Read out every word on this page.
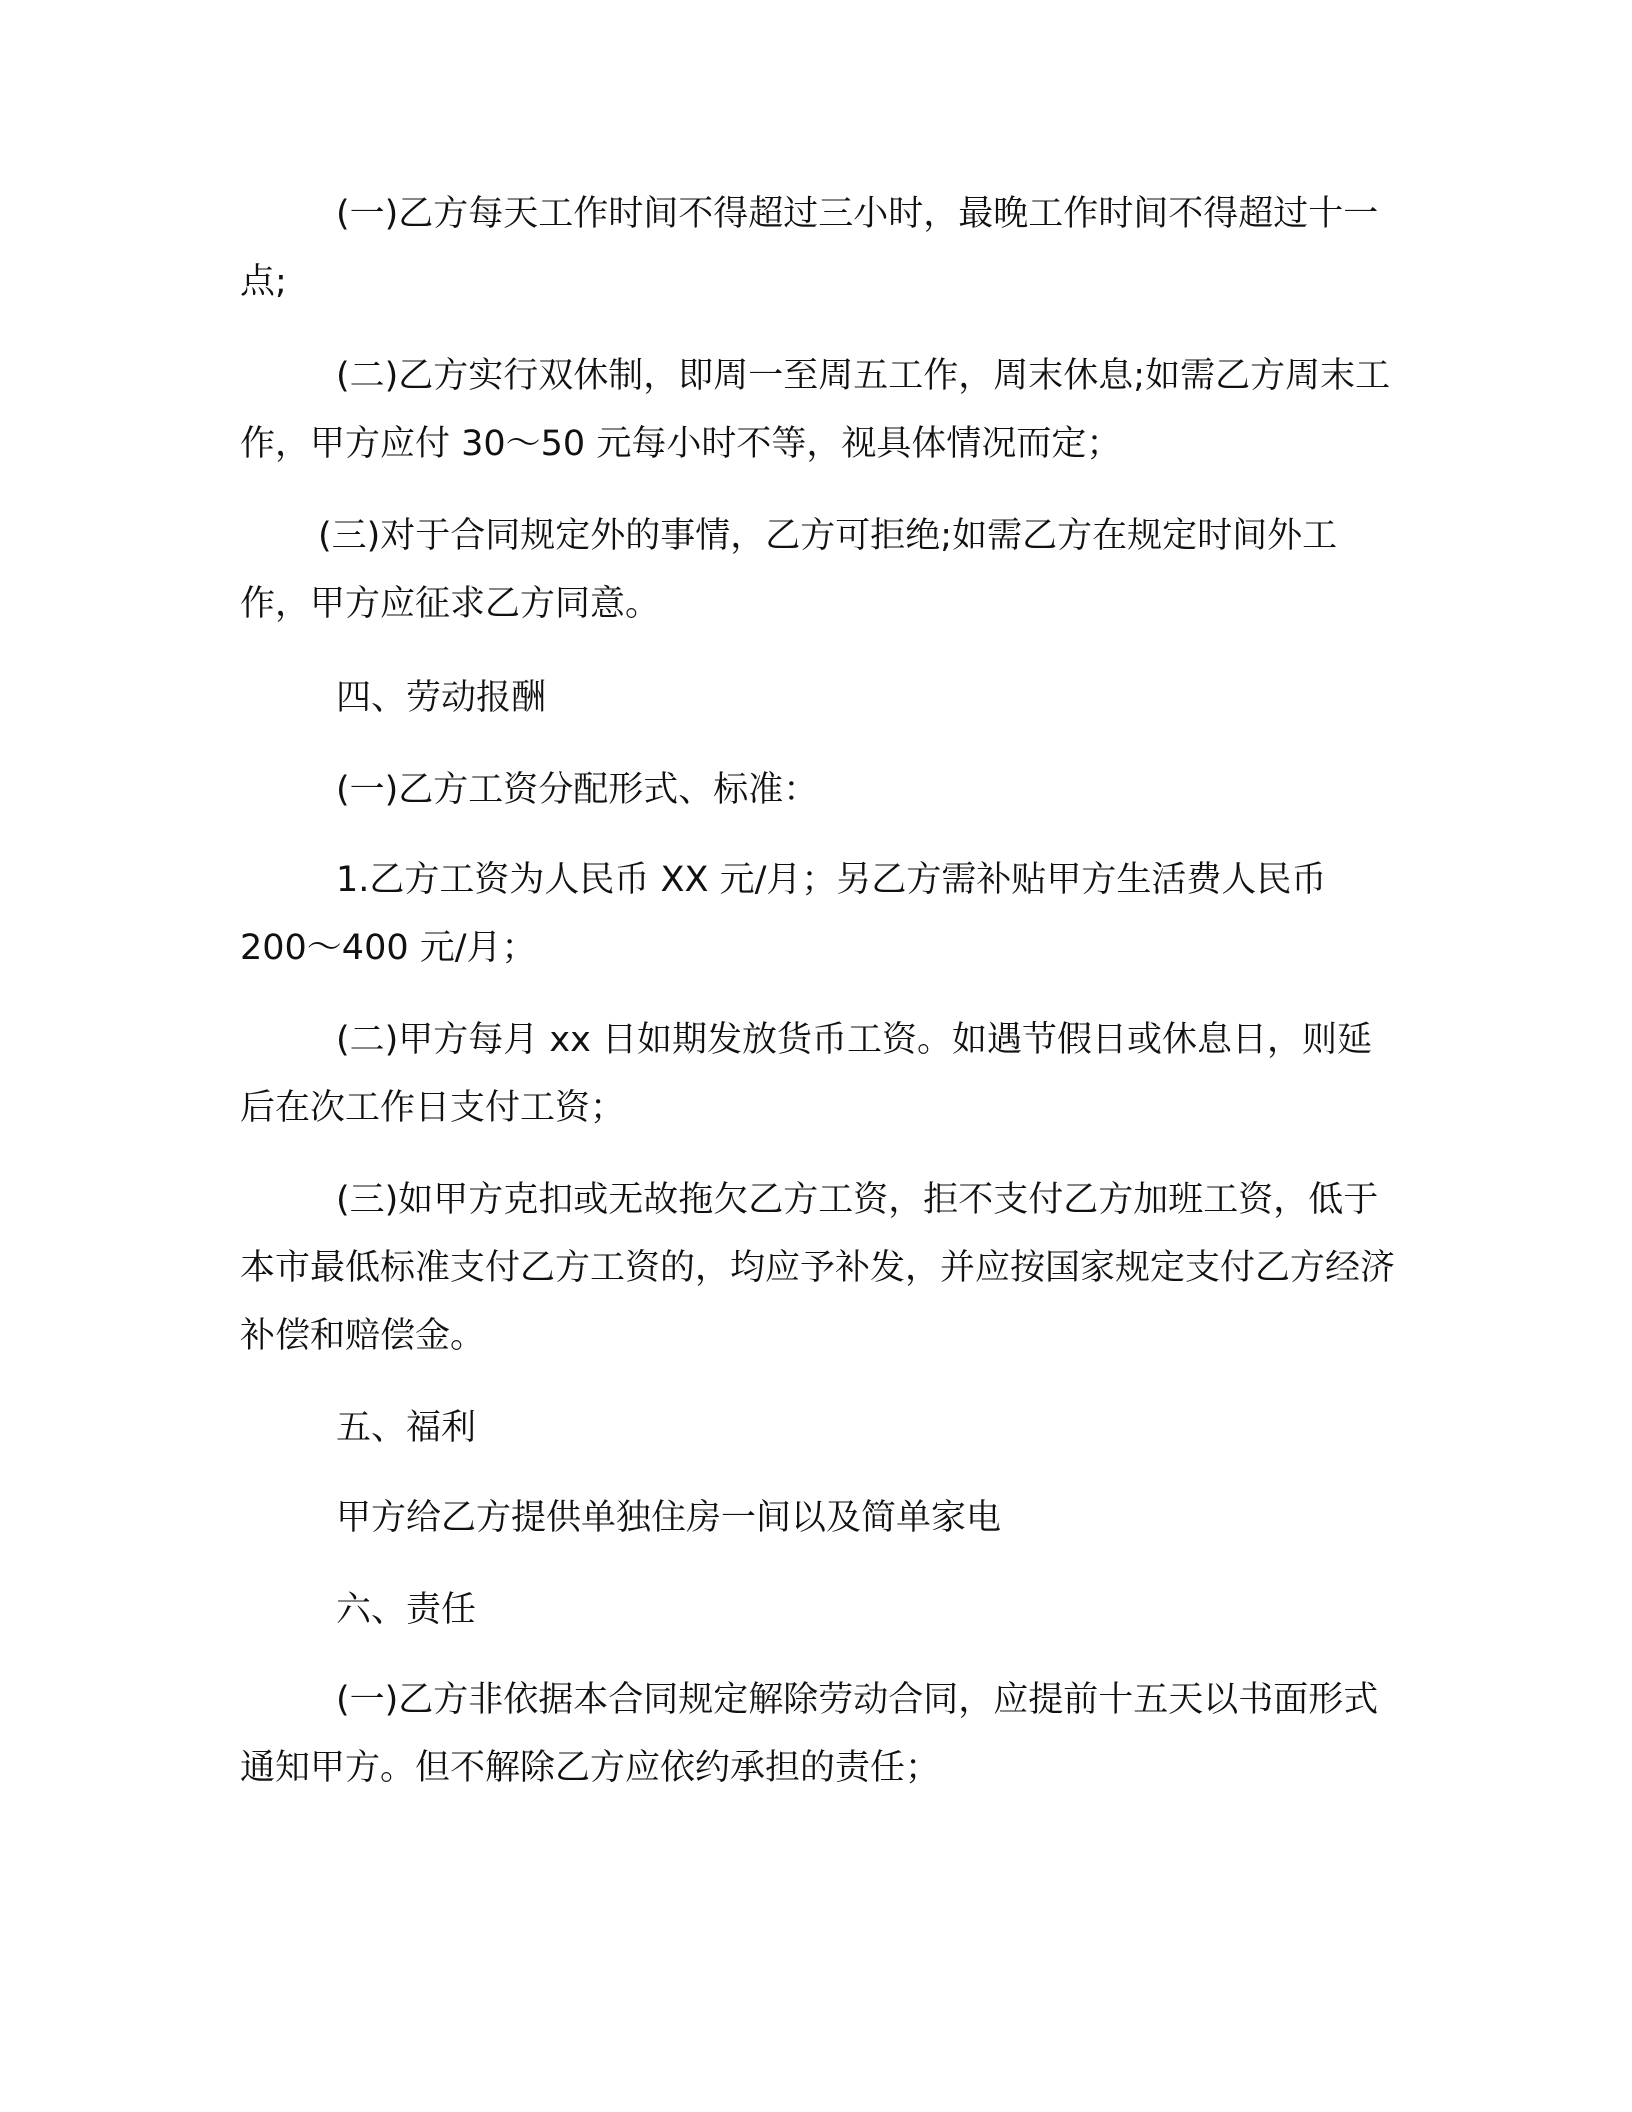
(一)乙方每天工作时间不得超过三小时，最晚工作时间不得超过十一点;

(二)乙方实行双休制，即周一至周五工作，周末休息;如需乙方周末工作，甲方应付 30～50 元每小时不等，视具体情况而定；

(三)对于合同规定外的事情，乙方可拒绝;如需乙方在规定时间外工作，甲方应征求乙方同意。

四、劳动报酬

(一)乙方工资分配形式、标准：

1.乙方工资为人民币 XX 元/月；另乙方需补贴甲方生活费人民币 200～400 元/月；

(二)甲方每月 xx 日如期发放货币工资。如遇节假日或休息日，则延后在次工作日支付工资；

(三)如甲方克扣或无故拖欠乙方工资，拒不支付乙方加班工资，低于本市最低标准支付乙方工资的，均应予补发，并应按国家规定支付乙方经济补偿和赔偿金。

五、福利

甲方给乙方提供单独住房一间以及简单家电

六、责任

(一)乙方非依据本合同规定解除劳动合同，应提前十五天以书面形式通知甲方。但不解除乙方应依约承担的责任；
